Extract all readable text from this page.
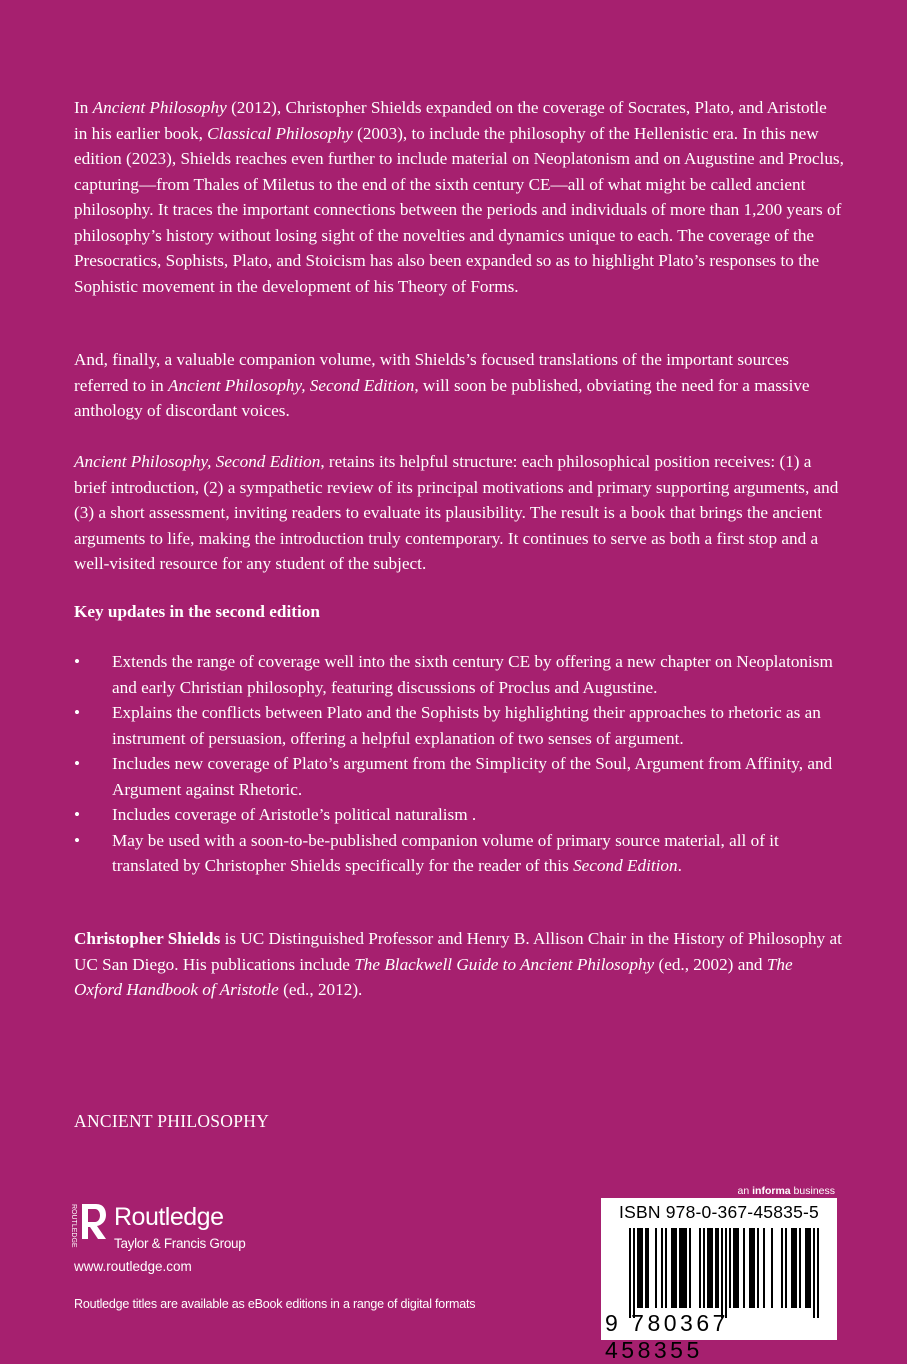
In Ancient Philosophy (2012), Christopher Shields expanded on the coverage of Socrates, Plato, and Aristotle in his earlier book, Classical Philosophy (2003), to include the philosophy of the Hellenistic era. In this new edition (2023), Shields reaches even further to include material on Neoplatonism and on Augustine and Proclus, capturing—from Thales of Miletus to the end of the sixth century CE—all of what might be called ancient philosophy. It traces the important connections between the periods and individuals of more than 1,200 years of philosophy’s history without losing sight of the novelties and dynamics unique to each. The coverage of the Presocratics, Sophists, Plato, and Stoicism has also been expanded so as to highlight Plato’s responses to the Sophistic movement in the development of his Theory of Forms.

And, finally, a valuable companion volume, with Shields’s focused translations of the important sources referred to in Ancient Philosophy, Second Edition, will soon be published, obviating the need for a massive anthology of discordant voices.

Ancient Philosophy, Second Edition, retains its helpful structure: each philosophical position receives: (1) a brief introduction, (2) a sympathetic review of its principal motivations and primary supporting arguments, and (3) a short assessment, inviting readers to evaluate its plausibility. The result is a book that brings the ancient arguments to life, making the introduction truly contemporary. It continues to serve as both a first stop and a well-visited resource for any student of the subject.

Key updates in the second edition
• Extends the range of coverage well into the sixth century CE by offering a new chapter on Neoplatonism and early Christian philosophy, featuring discussions of Proclus and Augustine.
• Explains the conflicts between Plato and the Sophists by highlighting their approaches to rhetoric as an instrument of persuasion, offering a helpful explanation of two senses of argument.
• Includes new coverage of Plato’s argument from the Simplicity of the Soul, Argument from Affinity, and Argument against Rhetoric.
• Includes coverage of Aristotle’s political naturalism .
• May be used with a soon-to-be-published companion volume of primary source material, all of it translated by Christopher Shields specifically for the reader of this Second Edition.

Christopher Shields is UC Distinguished Professor and Henry B. Allison Chair in the History of Philosophy at UC San Diego. His publications include The Blackwell Guide to Ancient Philosophy (ed., 2002) and The Oxford Handbook of Aristotle (ed., 2012).

ANCIENT PHILOSOPHY
ROUTLEDGE Routledge
Taylor & Francis Group
www.routledge.com
Routledge titles are available as eBook editions in a range of digital formats
an informa business
ISBN 978-0-367-45835-5
9 780367 458355
